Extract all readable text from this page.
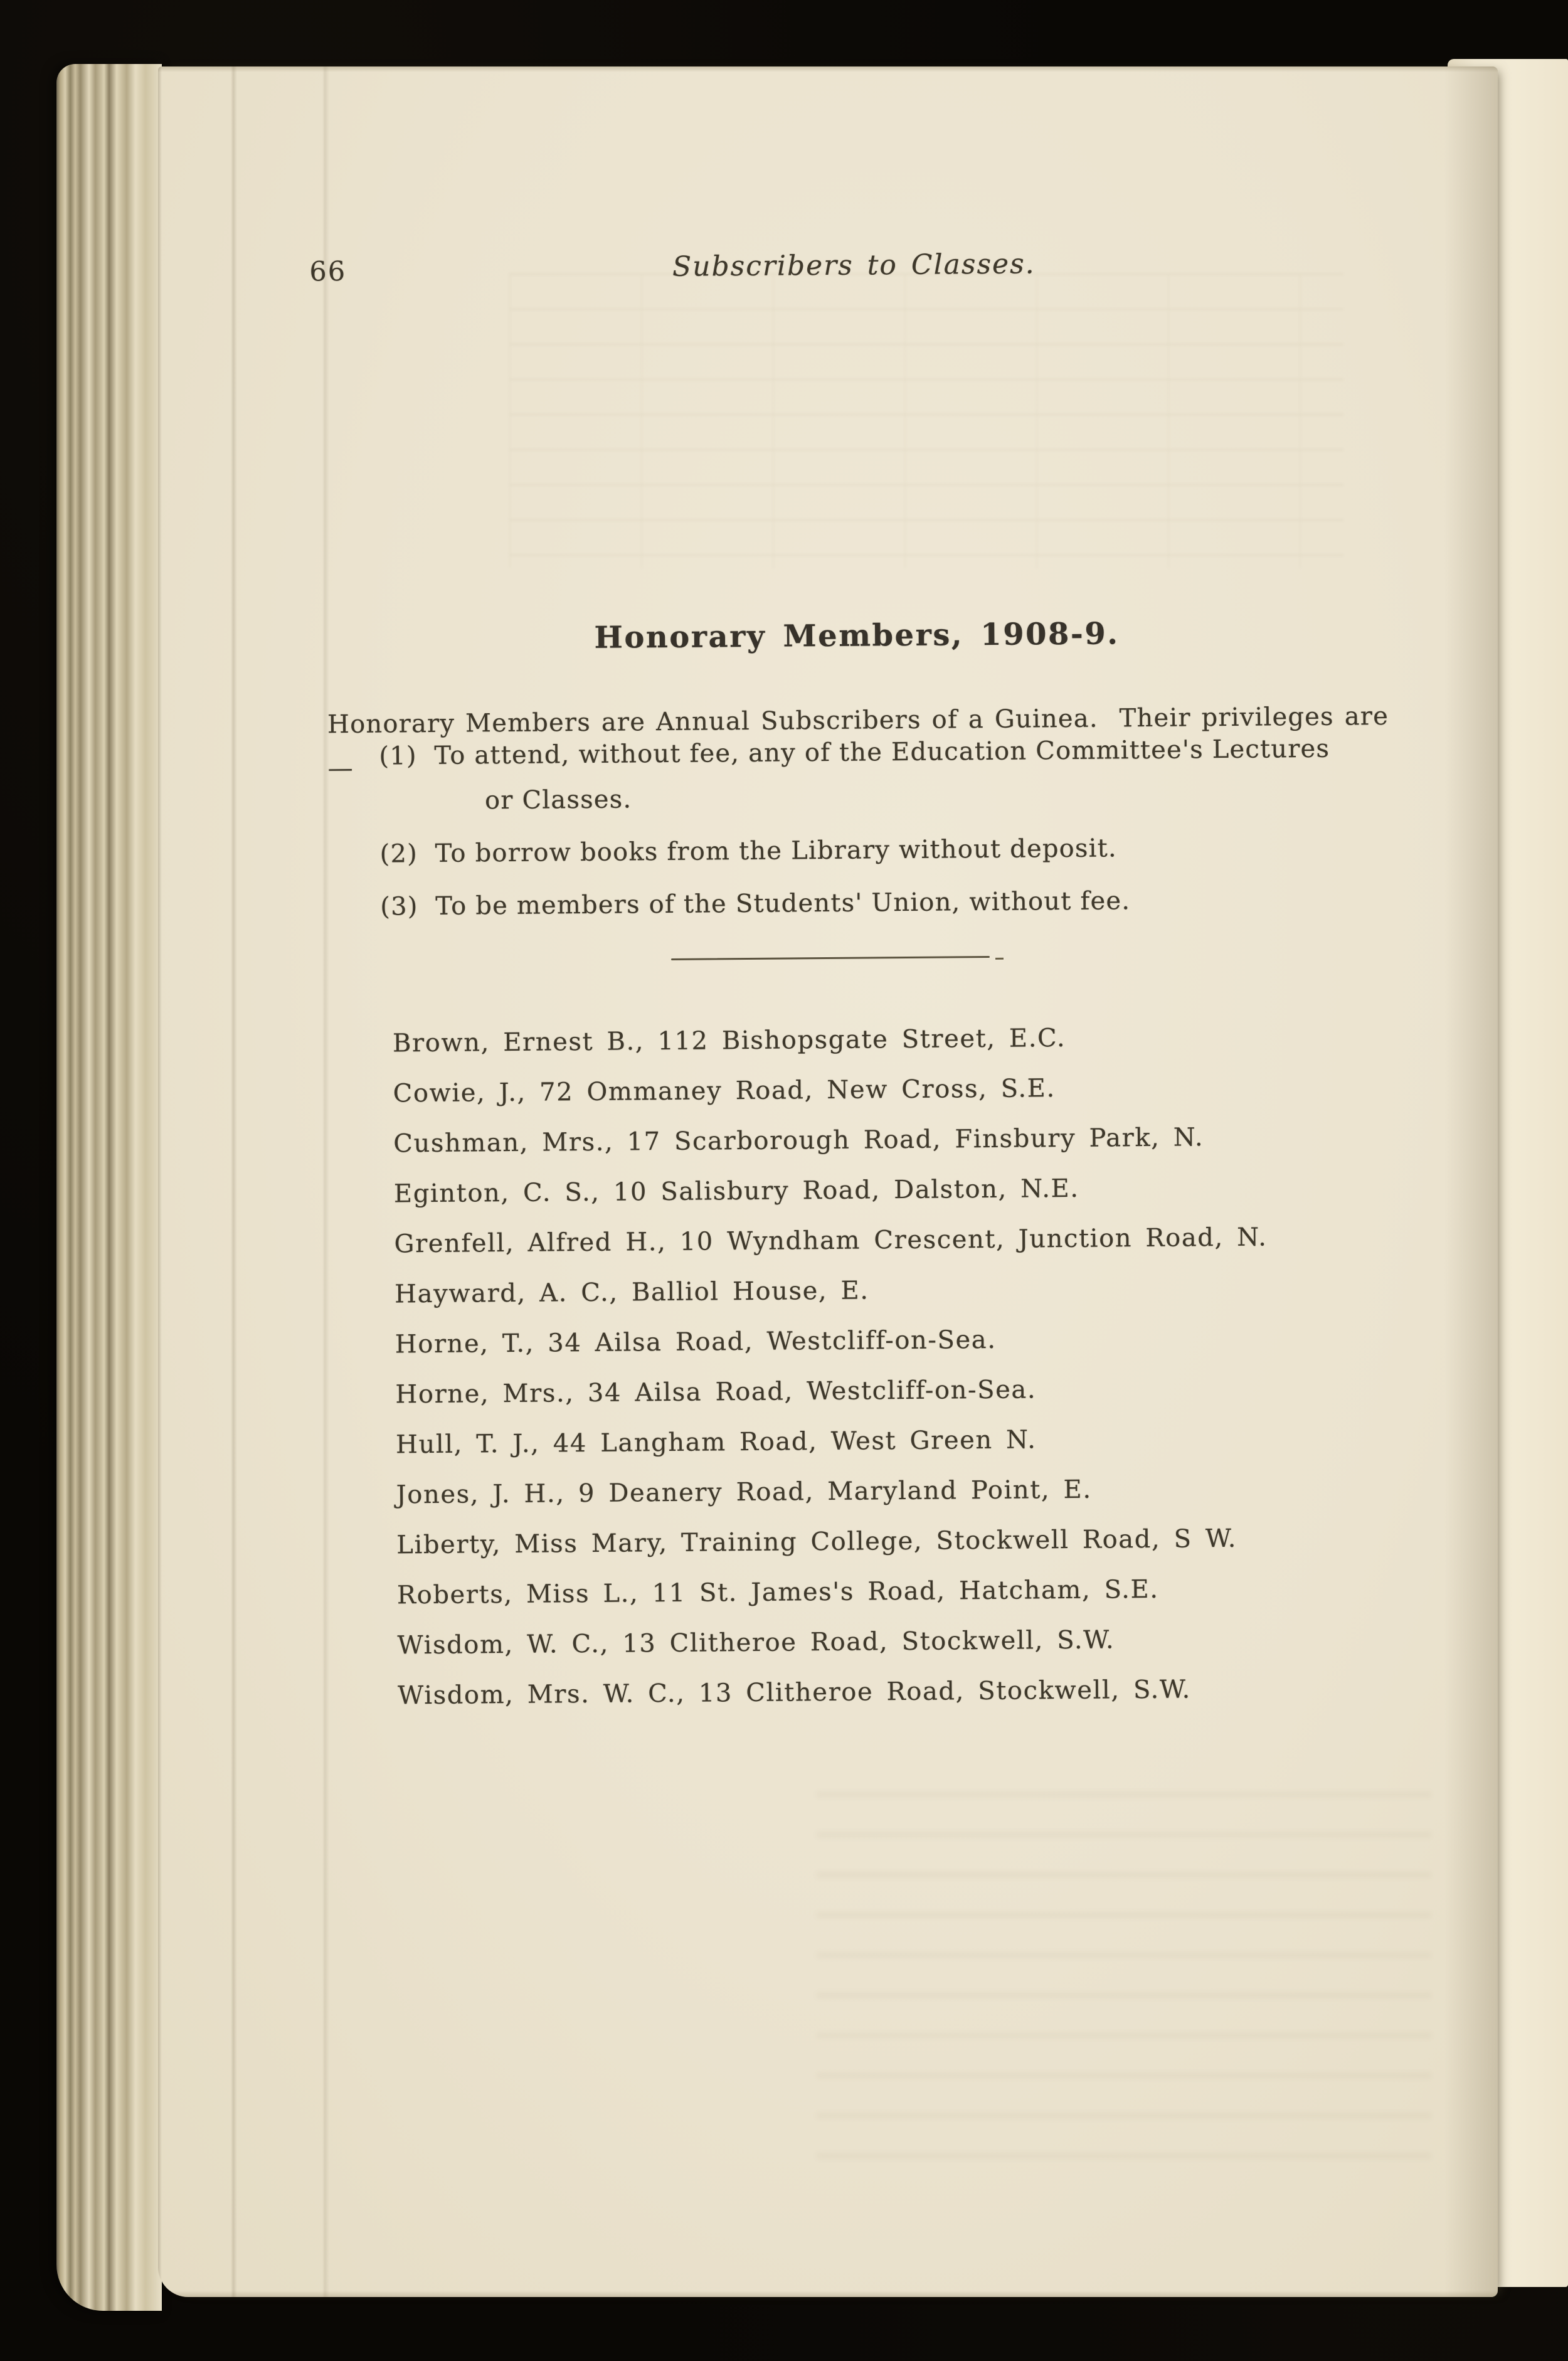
66	Subscribers to Classes.
Honorary Members, 1908-9.

Honorary Members are Annual Subscribers of a Guinea.  Their privileges are—	(1) To attend, without fee, any of the Education Committee's Lectures or Classes.
(2) To borrow books from the Library without deposit.
(3) To be members of the Students' Union, without fee.
Brown, Ernest B., 112 Bishopsgate Street, E.C.
Cowie, J., 72 Ommaney Road, New Cross, S.E.
Cushman, Mrs., 17 Scarborough Road, Finsbury Park, N.
Eginton, C. S., 10 Salisbury Road, Dalston, N.E.
Grenfell, Alfred H., 10 Wyndham Crescent, Junction Road, N.
Hayward, A. C., Balliol House, E.
Horne, T., 34 Ailsa Road, Westcliff-on-Sea.
Horne, Mrs., 34 Ailsa Road, Westcliff-on-Sea.
Hull, T. J., 44 Langham Road, West Green N.
Jones, J. H., 9 Deanery Road, Maryland Point, E.
Liberty, Miss Mary, Training College, Stockwell Road, S W.
Roberts, Miss L., 11 St. James's Road, Hatcham, S.E.
Wisdom, W. C., 13 Clitheroe Road, Stockwell, S.W.
Wisdom, Mrs. W. C., 13 Clitheroe Road, Stockwell, S.W.
